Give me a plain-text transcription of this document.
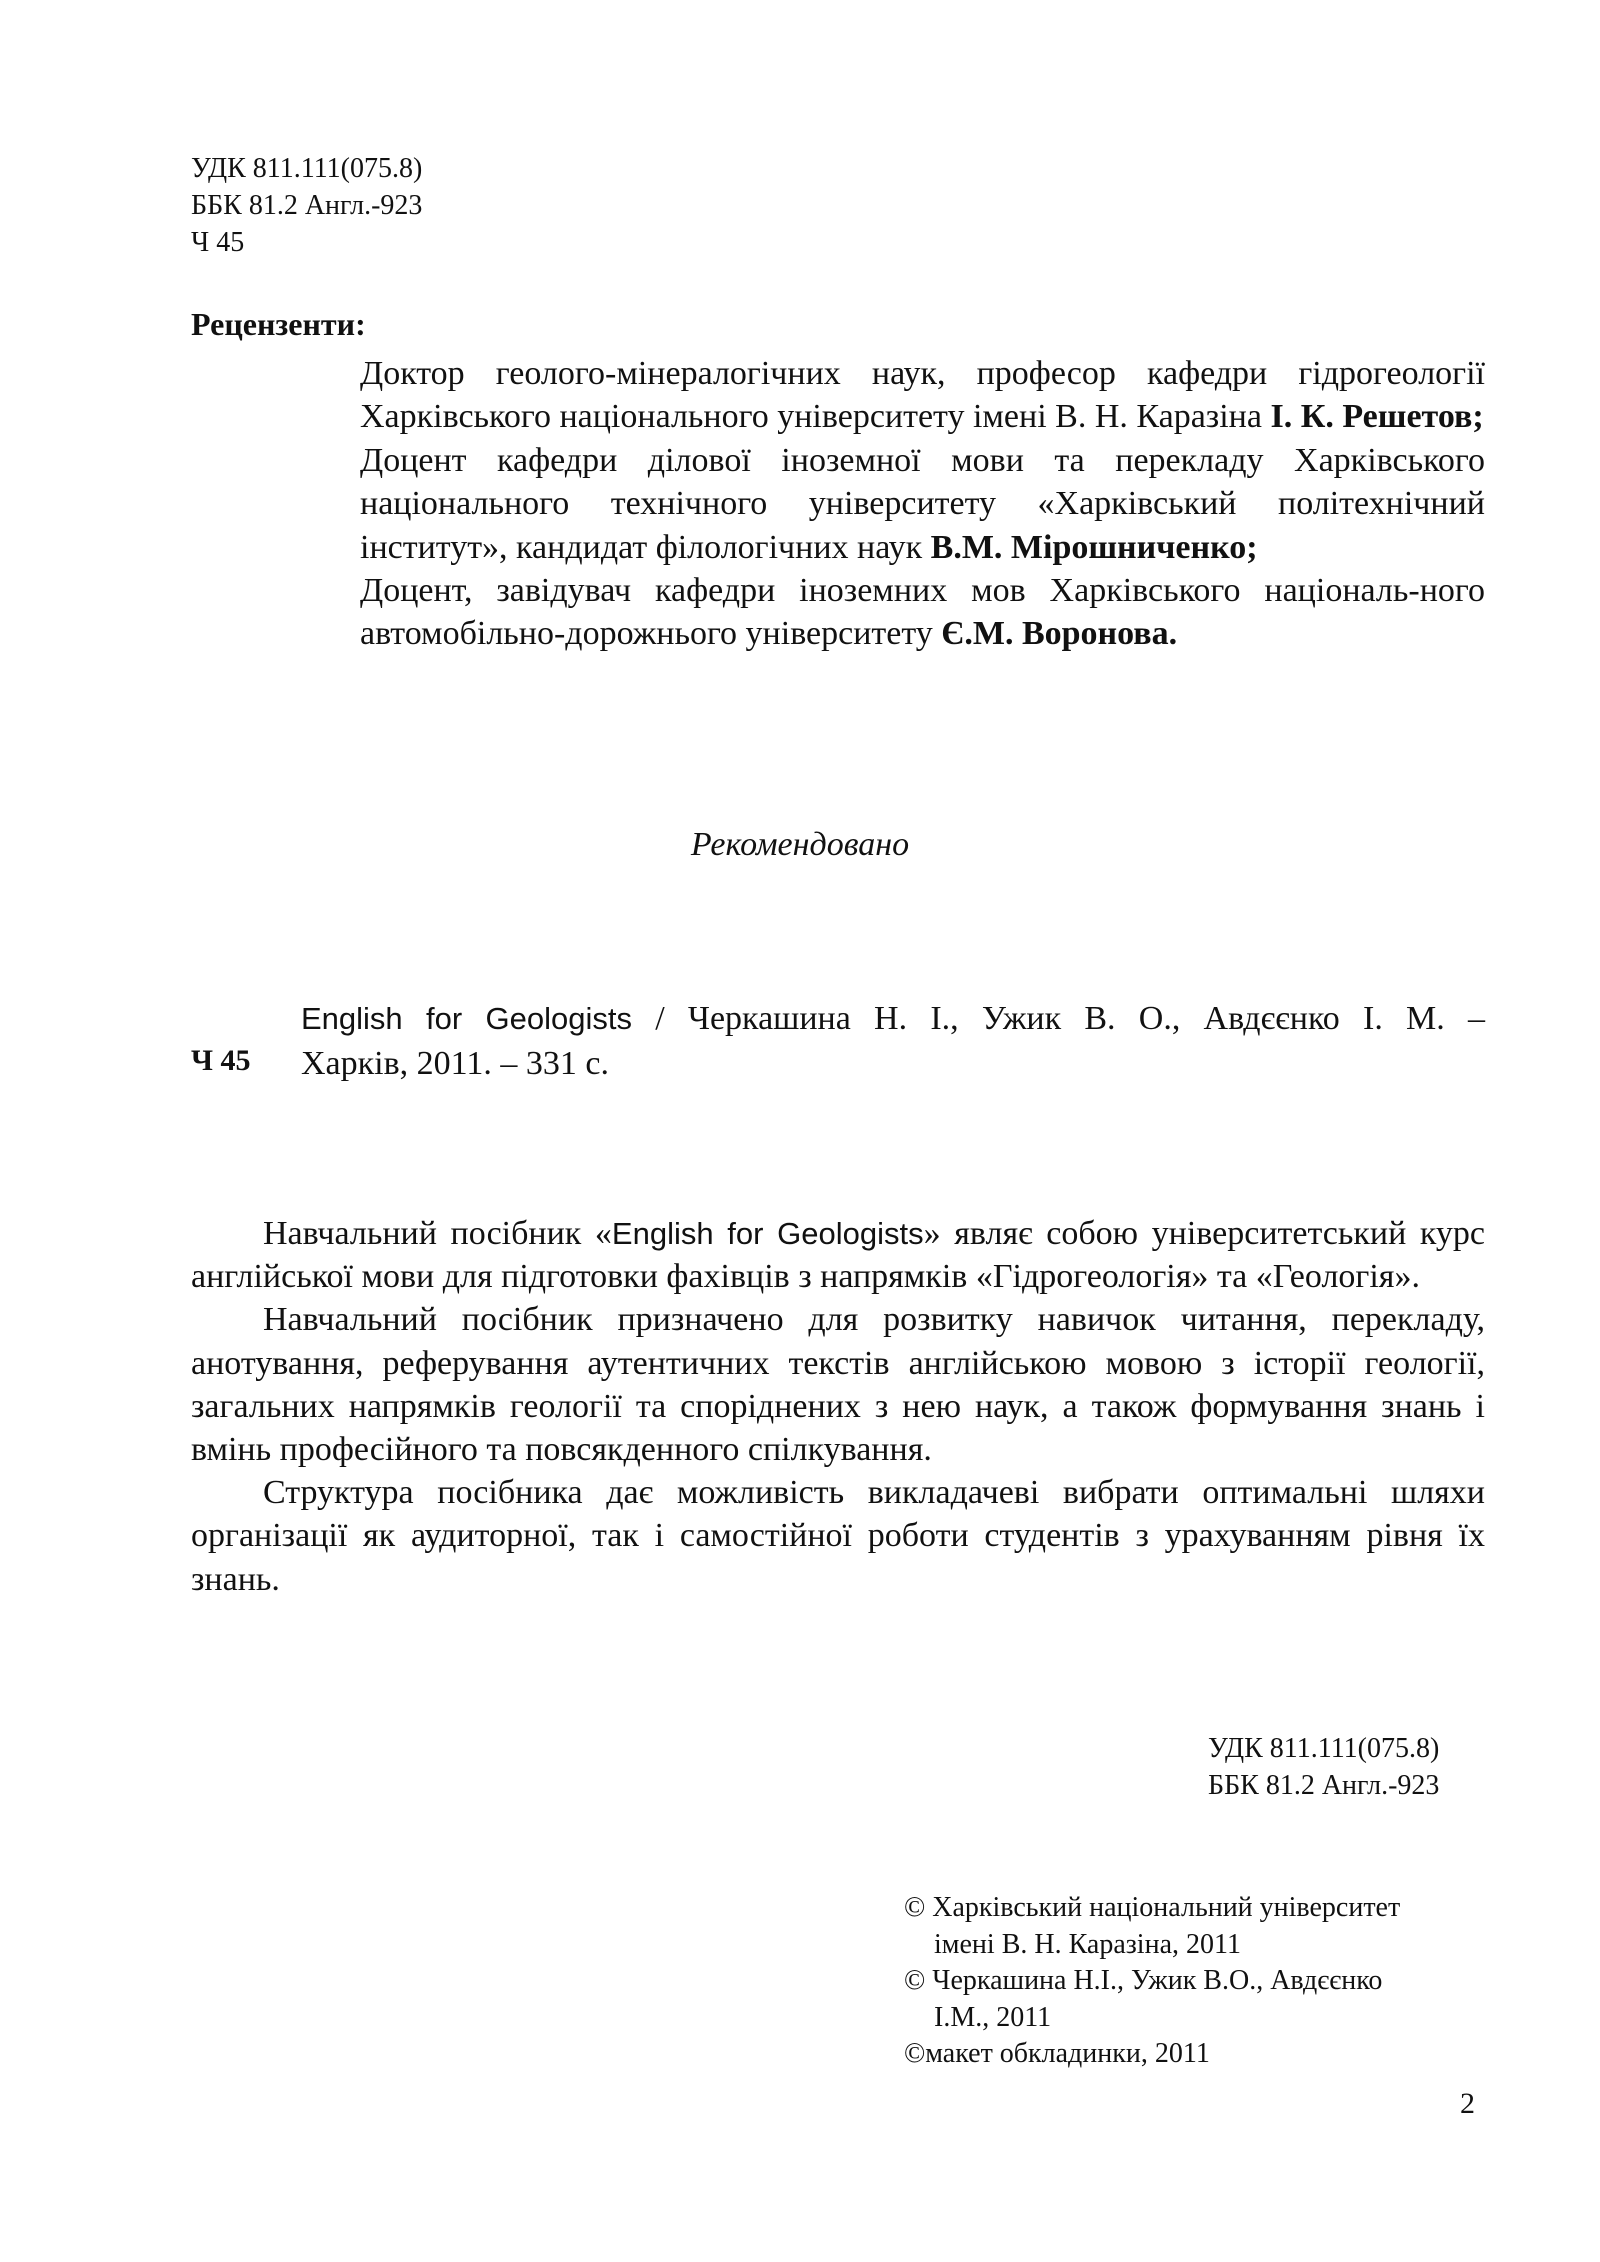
УДК 811.111(075.8)
ББК 81.2 Англ.-923
Ч 45
Рецензенти:

Доктор геолого-мінералогічних наук, професор кафедри гідрогеології Харківського національного університету імені В. Н. Каразіна І. К. Решетов;

Доцент кафедри ділової іноземної мови та перекладу Харківського національного технічного університету «Харківський політехнічний інститут», кандидат філологічних наук В.М. Мірошниченко;

Доцент, завідувач кафедри іноземних мов Харківського національ-ного автомобільно-дорожнього університету Є.М. Воронова.

Рекомендовано
Ч 45
English for Geologists / Черкашина Н. І., Ужик В. О., Авдєєнко І. М. –
Харків, 2011. – 331 с.

Навчальний посібник «English for Geologists» являє собою університетський курс англійської мови для підготовки фахівців з напрямків «Гідрогеологія» та «Геологія».

Навчальний посібник призначено для розвитку навичок читання, перекладу, анотування, реферування аутентичних текстів англійською мовою з історії геології, загальних напрямків геології та споріднених з нею наук, а також формування знань і вмінь професійного та повсякденного спілкування.

Структура посібника дає можливість викладачеві вибрати оптимальні шляхи організації як аудиторної, так і самостійної роботи студентів з урахуванням рівня їх знань.

УДК 811.111(075.8)
ББК 81.2 Англ.-923
© Харківський національний університет
імені В. Н. Каразіна, 2011
© Черкашина Н.І., Ужик В.О., Авдєєнко
І.М., 2011
©макет обкладинки, 2011
2
